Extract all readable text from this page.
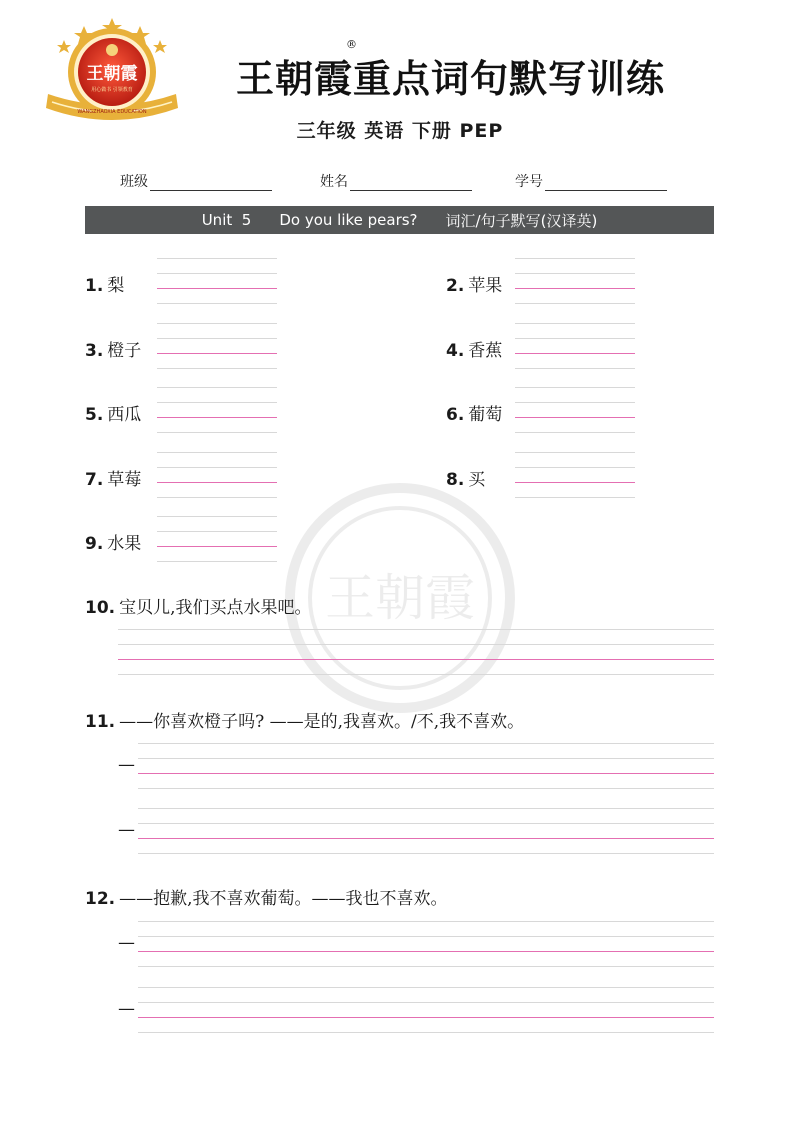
王朝霞
用心做书 引领教育
WANGZHAOXIA EDUCATION
王朝霞重点词句默写训练
®
三年级 英语 下册 PEP
班级	姓名	学号
Unit  5 Do you like pears? 词汇/句子默写(汉译英)
王朝霞
1. 梨	2. 苹果
3. 橙子	4. 香蕉
5. 西瓜	6. 葡萄
7. 草莓	8. 买
9. 水果
10. 宝贝儿,我们买点水果吧。
11. ——你喜欢橙子吗? ——是的,我喜欢。/不,我不喜欢。
—
—
12. ——抱歉,我不喜欢葡萄。——我也不喜欢。
—
—
